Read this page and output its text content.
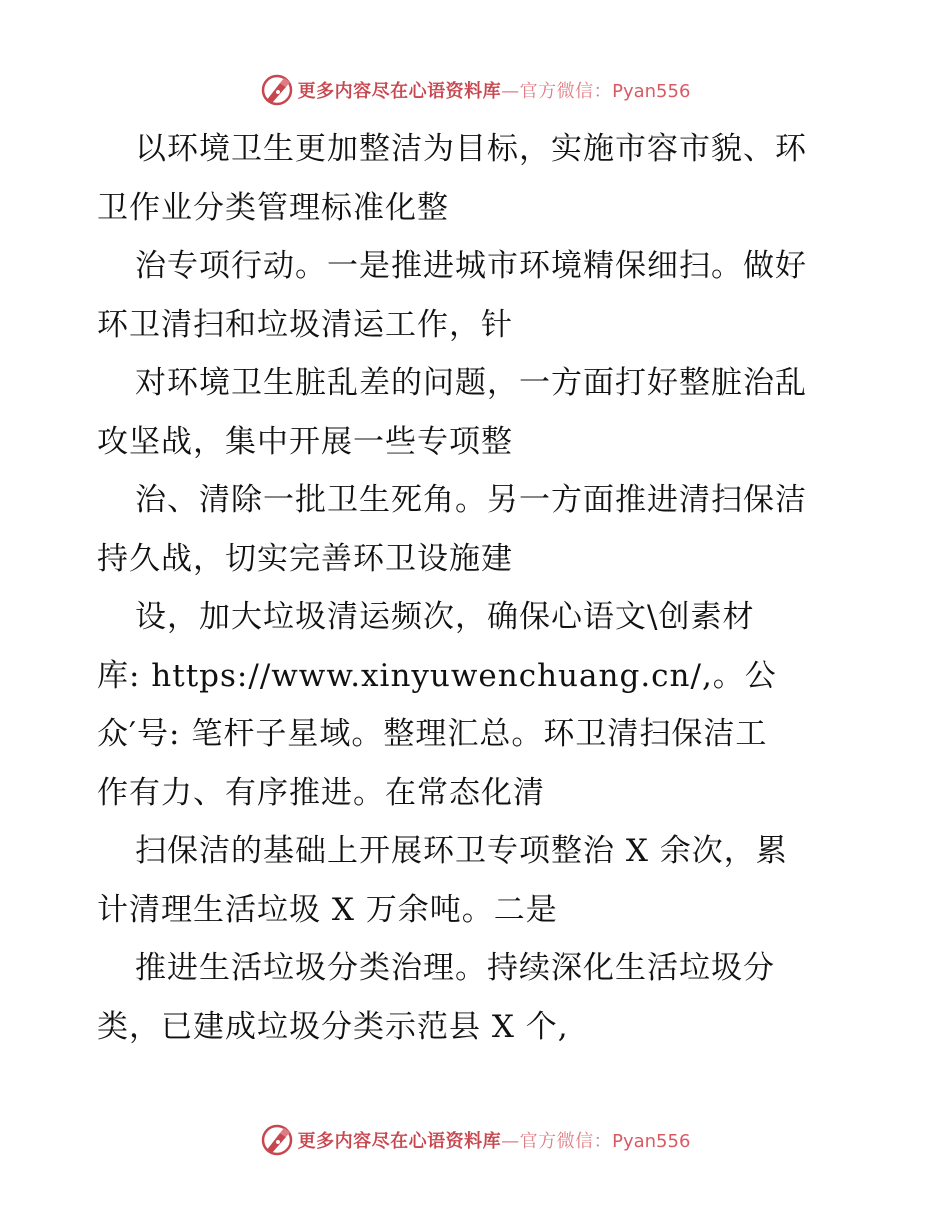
更多内容尽在心语资料库—官方微信：Pyan556
以环境卫生更加整洁为目标，实施市容市貌、环
卫作业分类管理标准化整
治专项行动。一是推进城市环境精保细扫。做好
环卫清扫和垃圾清运工作，针
对环境卫生脏乱差的问题，一方面打好整脏治乱
攻坚战，集中开展一些专项整
治、清除一批卫生死角。另一方面推进清扫保洁
持久战，切实完善环卫设施建
设，加大垃圾清运频次，确保心语文\创素材
库: https://www.xinyuwenchuang.cn/,。公
众′号: 笔杆子星域。整理汇总。环卫清扫保洁工
作有力、有序推进。在常态化清
扫保洁的基础上开展环卫专项整治 X 余次，累
计清理生活垃圾 X 万余吨。二是
推进生活垃圾分类治理。持续深化生活垃圾分
类，已建成垃圾分类示范县 X 个,
更多内容尽在心语资料库—官方微信：Pyan556
